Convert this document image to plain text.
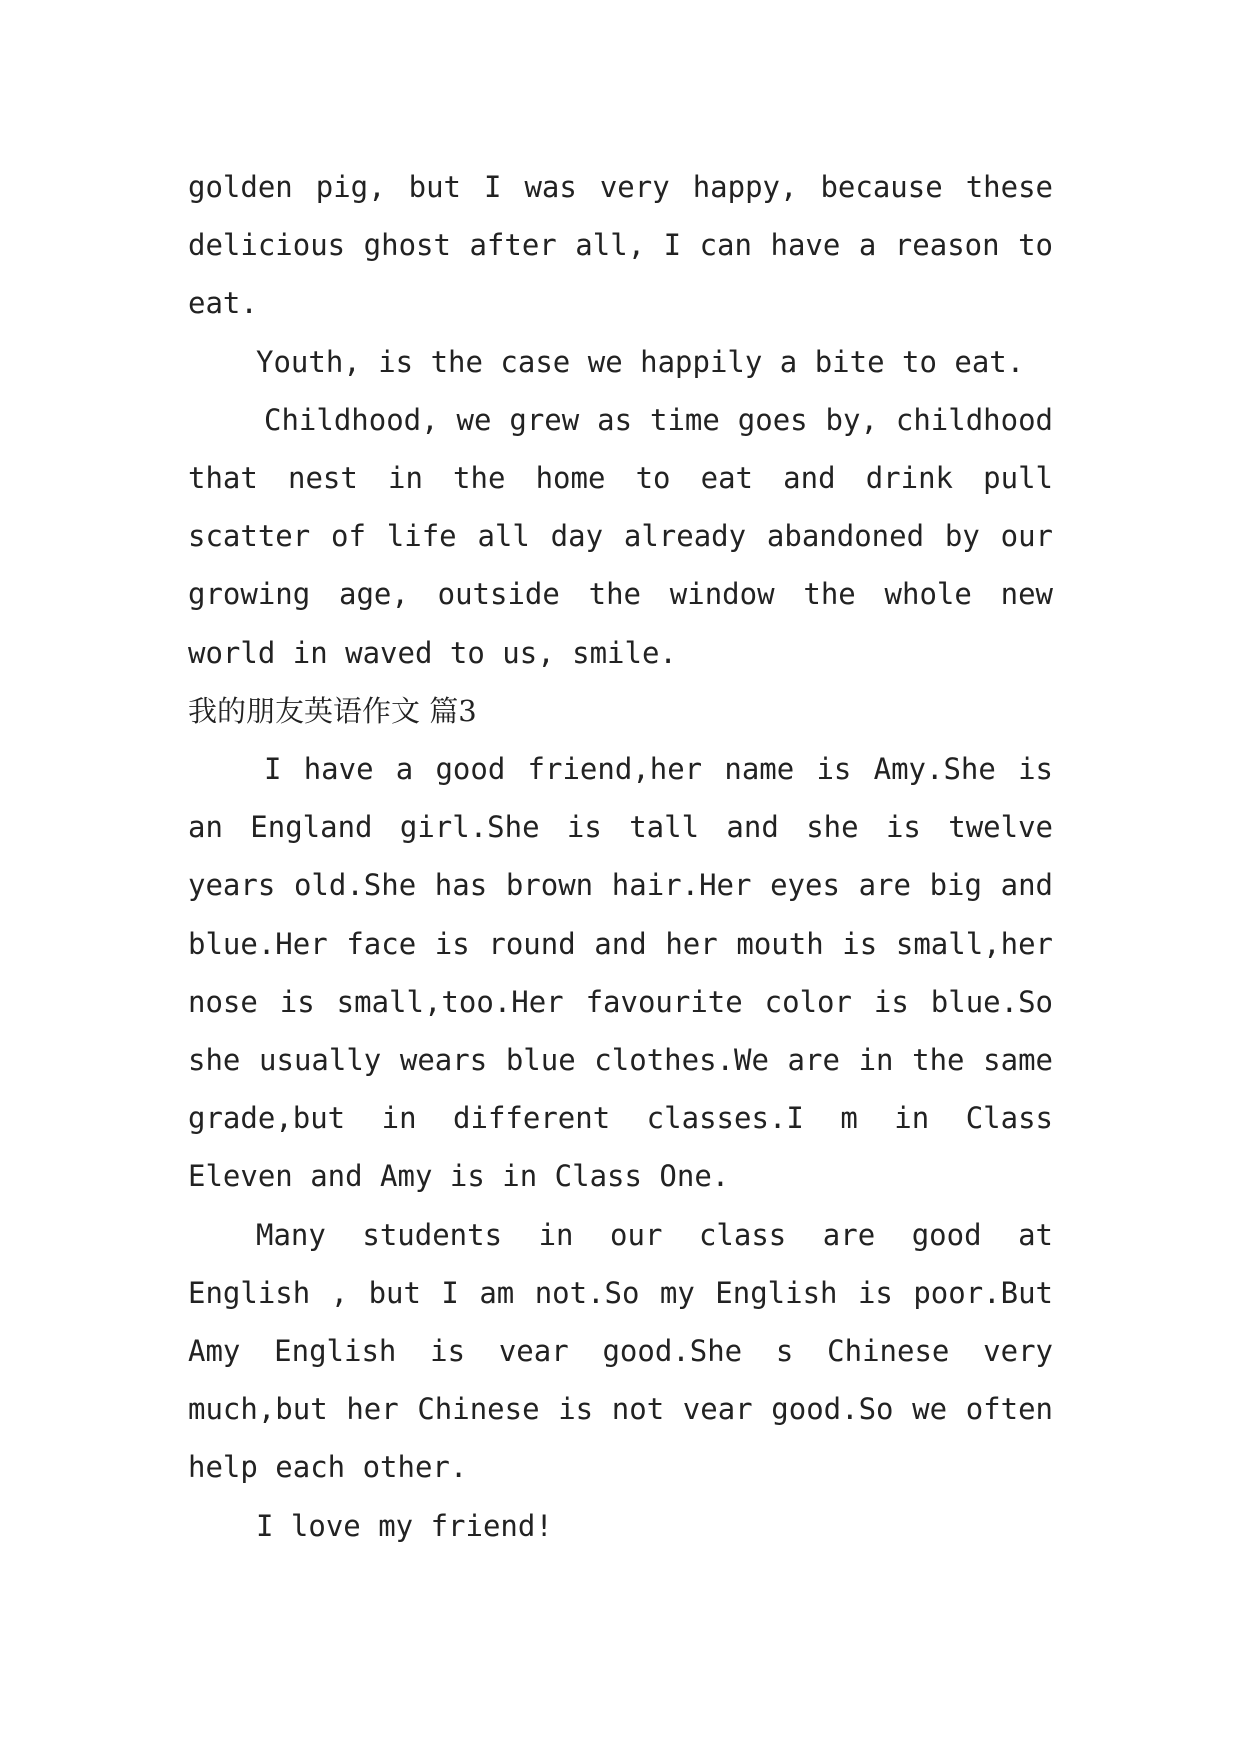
golden pig, but I was very happy, because these delicious ghost after all, I can have a reason to eat.

Youth, is the case we happily a bite to eat.

Childhood, we grew as time goes by, childhood that nest in the home to eat and drink pull scatter of life all day already abandoned by our growing age, outside the window the whole new world in waved to us, smile.

我的朋友英语作文 篇3

I have a good friend,her name is Amy.She is an England girl.She is tall and she is twelve years old.She has brown hair.Her eyes are big and blue.Her face is round and her mouth is small,her nose is small,too.Her favourite color is blue.So she usually wears blue clothes.We are in the same grade,but in different classes.I m in Class Eleven and Amy is in Class One.

Many students in our class are good at English , but I am not.So my English is poor.But Amy English is vear good.She s Chinese very much,but her Chinese is not vear good.So we often help each other.

I love my friend!
